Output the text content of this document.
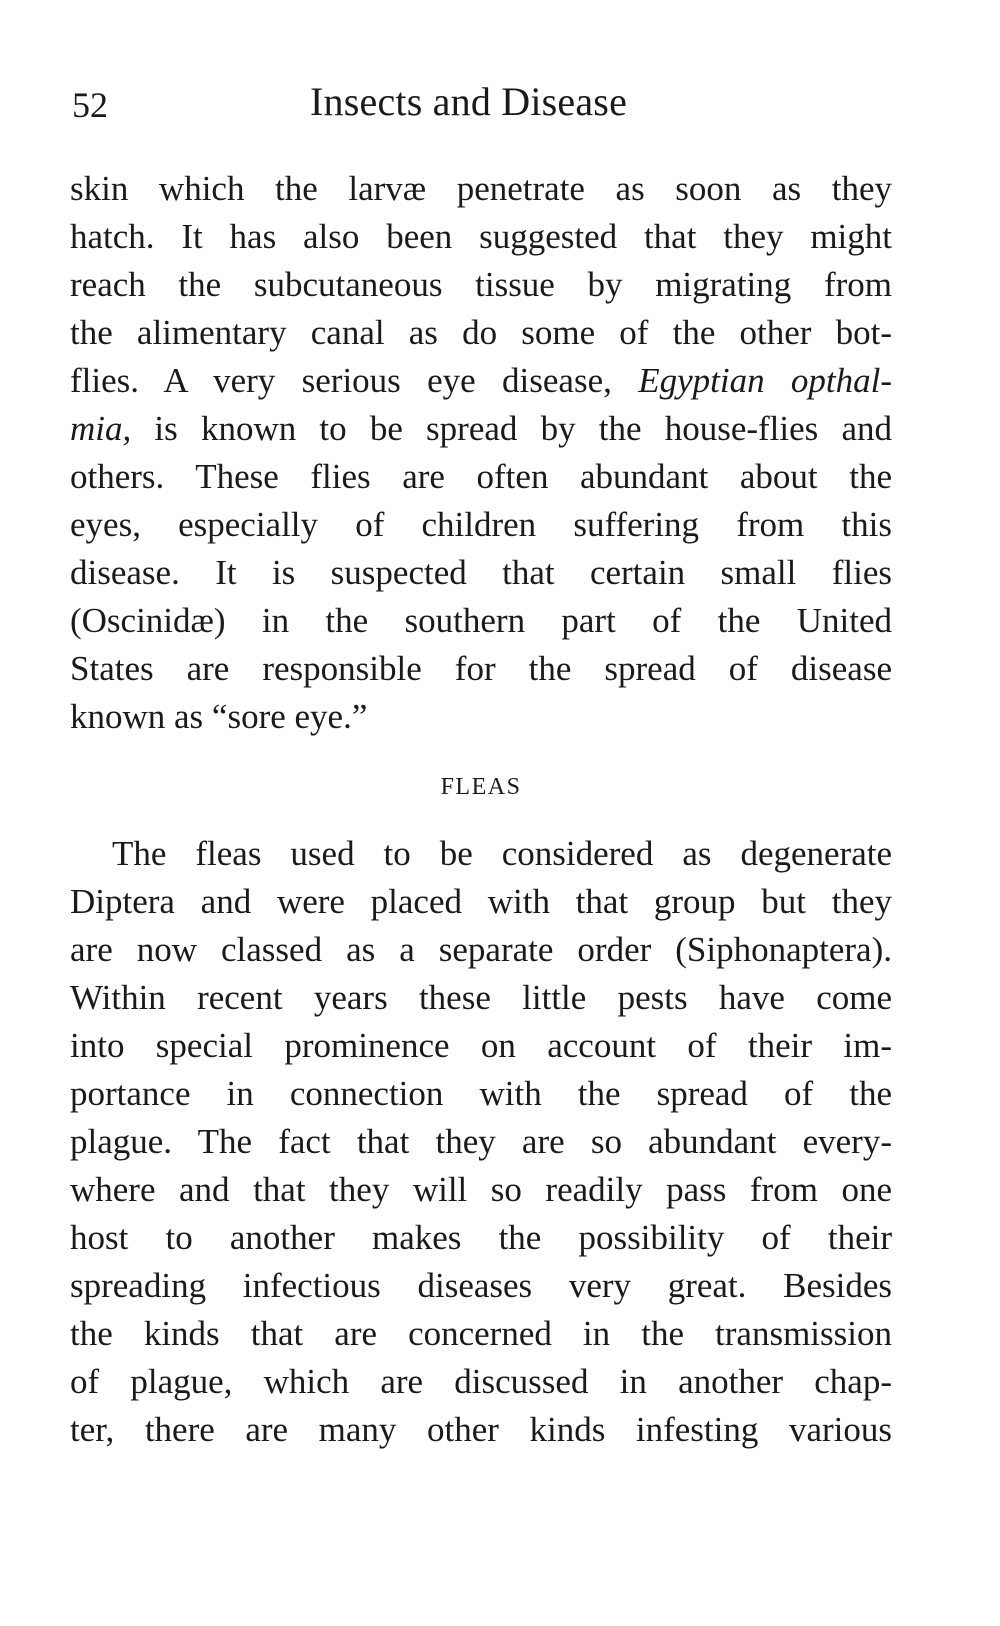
52	Insects and Disease
skin which the larvæ penetrate as soon as they
hatch. It has also been suggested that they might
reach the subcutaneous tissue by migrating from
the alimentary canal as do some of the other bot-
flies. A very serious eye disease, Egyptian opthal-
mia, is known to be spread by the house-flies and
others. These flies are often abundant about the
eyes, especially of children suffering from this
disease. It is suspected that certain small flies
(Oscinidæ) in the southern part of the United
States are responsible for the spread of disease
known as “sore eye.”
FLEAS
The fleas used to be considered as degenerate
Diptera and were placed with that group but they
are now classed as a separate order (Siphonaptera).
Within recent years these little pests have come
into special prominence on account of their im-
portance in connection with the spread of the
plague. The fact that they are so abundant every-
where and that they will so readily pass from one
host to another makes the possibility of their
spreading infectious diseases very great. Besides
the kinds that are concerned in the transmission
of plague, which are discussed in another chap-
ter, there are many other kinds infesting various
